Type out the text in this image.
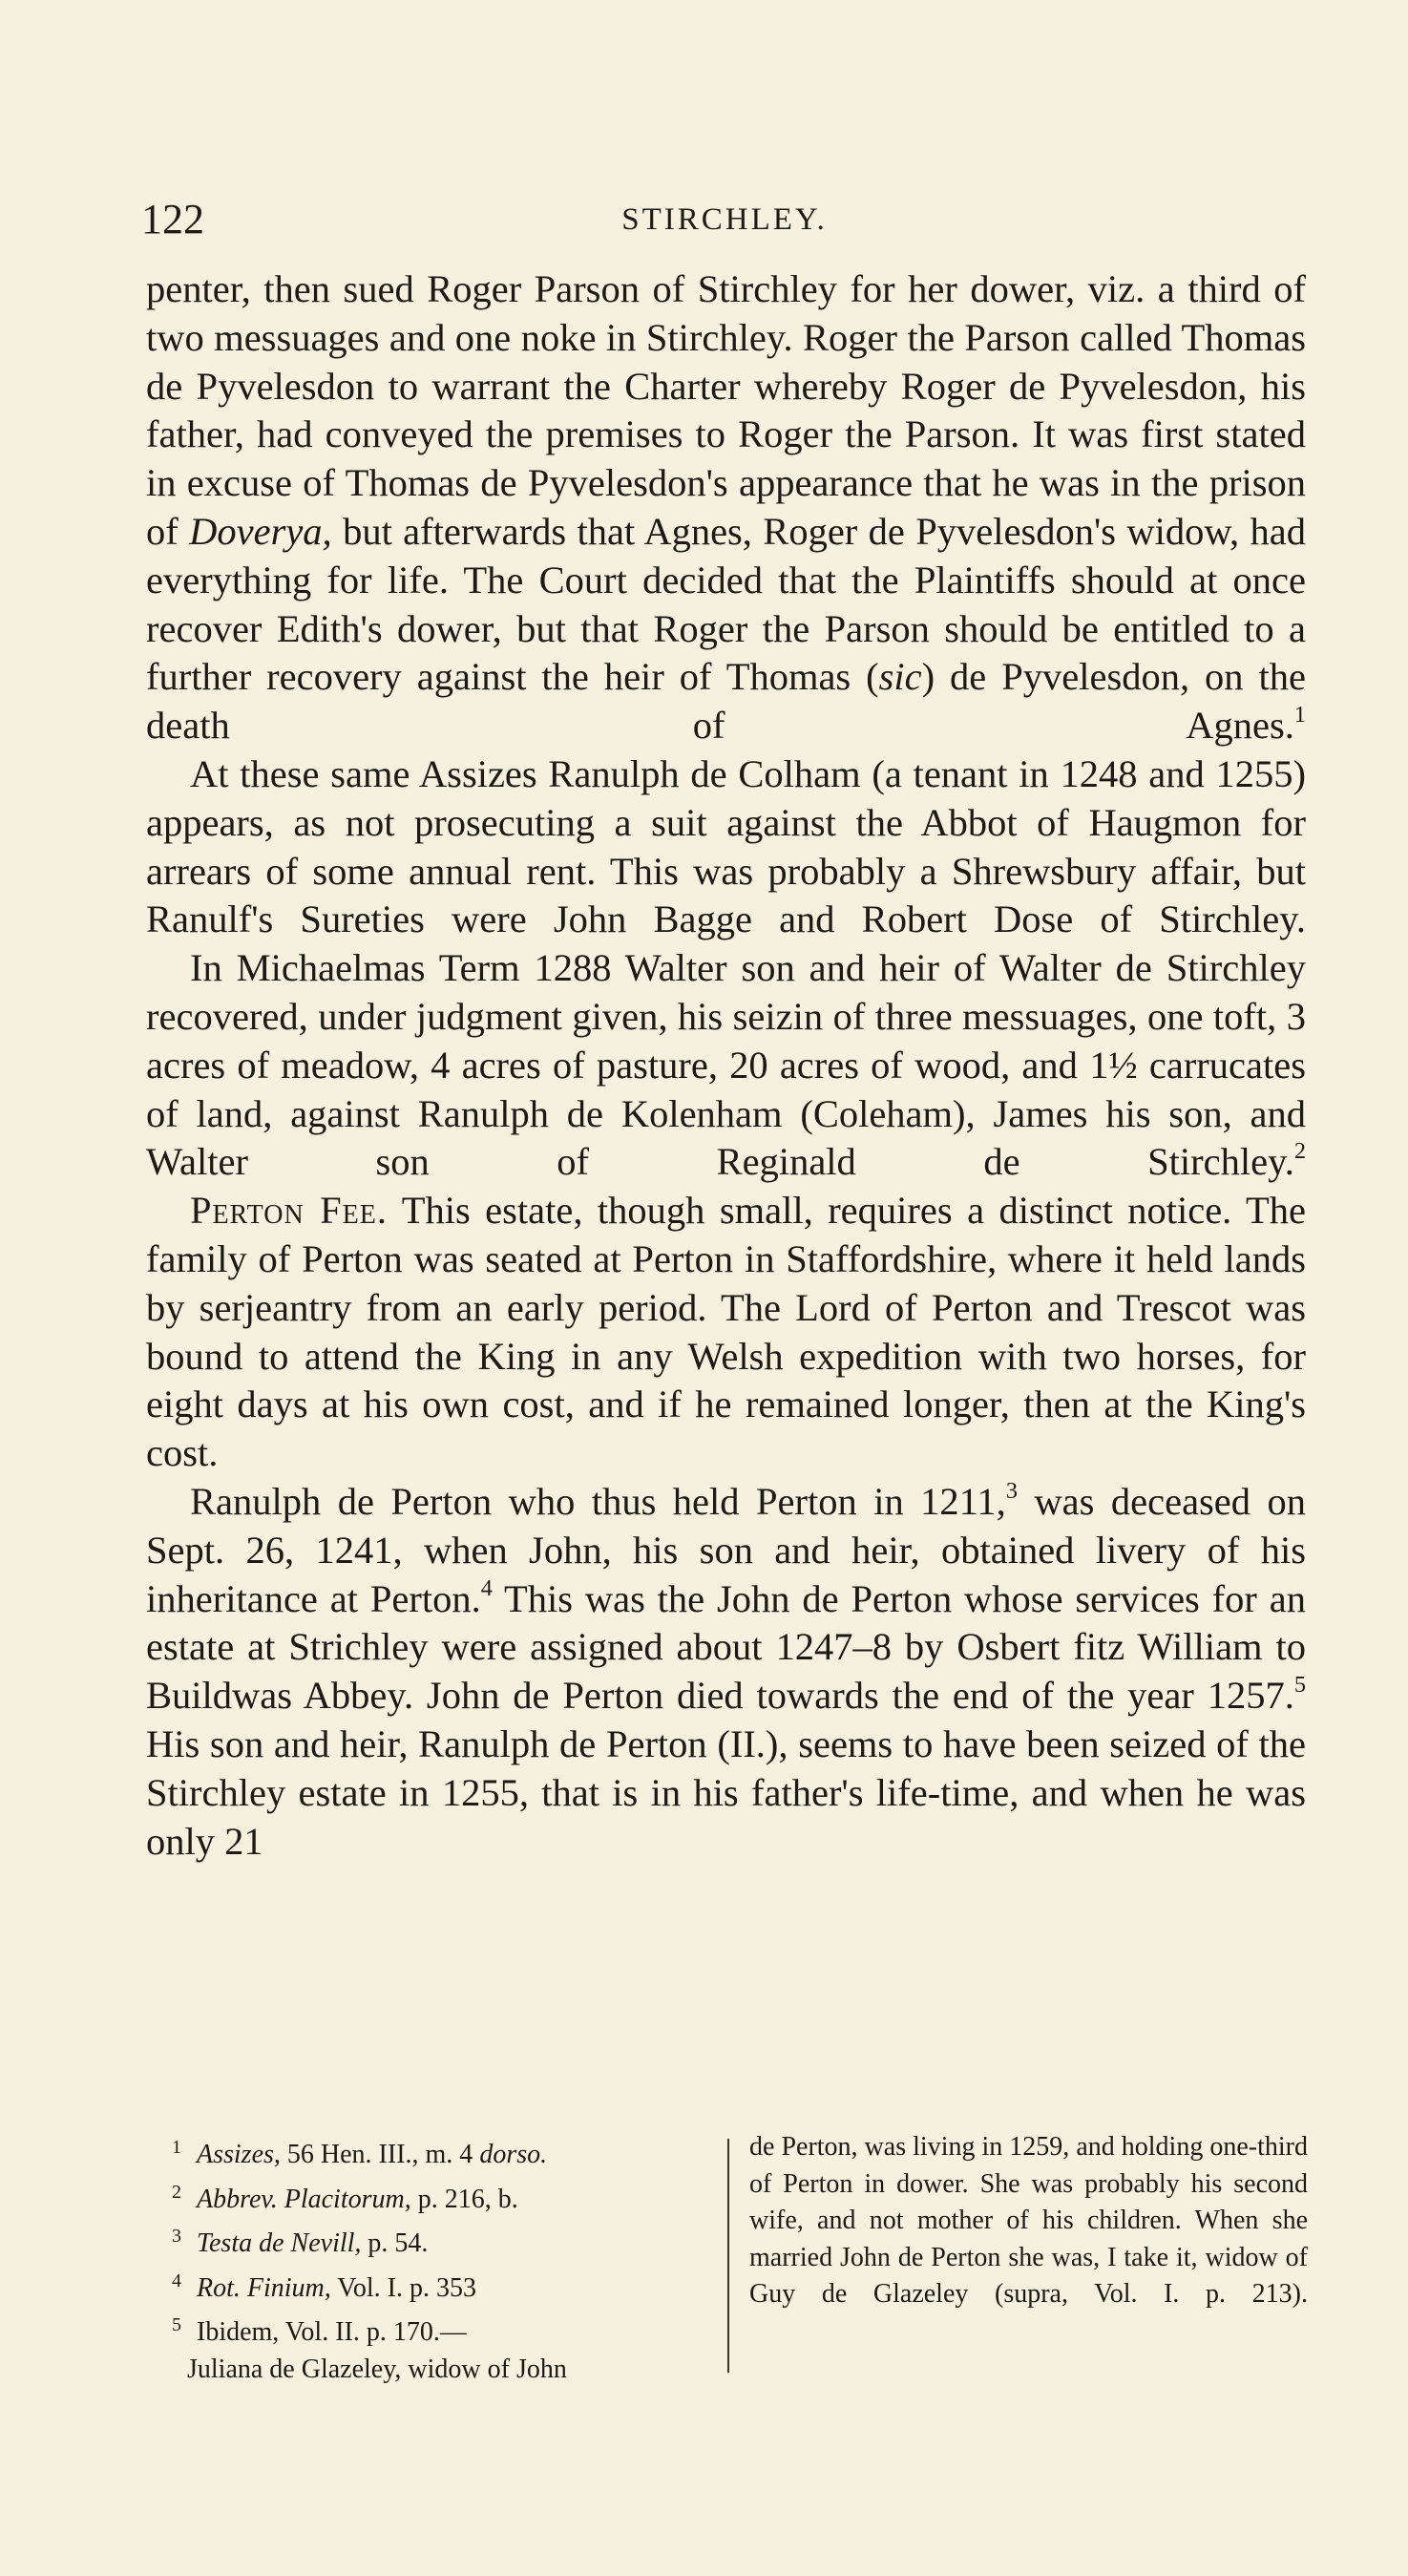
122	STIRCHLEY.

penter, then sued Roger Parson of Stirchley for her dower, viz. a third of two messuages and one noke in Stirchley. Roger the Parson called Thomas de Pyvelesdon to warrant the Charter whereby Roger de Pyvelesdon, his father, had conveyed the premises to Roger the Parson. It was first stated in excuse of Thomas de Pyvelesdon's appearance that he was in the prison of Doverya, but afterwards that Agnes, Roger de Pyvelesdon's widow, had everything for life. The Court decided that the Plaintiffs should at once recover Edith's dower, but that Roger the Parson should be entitled to a further recovery against the heir of Thomas (sic) de Pyvelesdon, on the death of Agnes.$^1$

At these same Assizes Ranulph de Colham (a tenant in 1248 and 1255) appears, as not prosecuting a suit against the Abbot of Haugmon for arrears of some annual rent. This was probably a Shrewsbury affair, but Ranulf's Sureties were John Bagge and Robert Dose of Stirchley.

In Michaelmas Term 1288 Walter son and heir of Walter de Stirchley recovered, under judgment given, his seizin of three messuages, one toft, 3 acres of meadow, 4 acres of pasture, 20 acres of wood, and 1½ carrucates of land, against Ranulph de Kolenham (Coleham), James his son, and Walter son of Reginald de Stirchley.$^2$

Perton Fee. This estate, though small, requires a distinct notice. The family of Perton was seated at Perton in Staffordshire, where it held lands by serjeantry from an early period. The Lord of Perton and Trescot was bound to attend the King in any Welsh expedition with two horses, for eight days at his own cost, and if he remained longer, then at the King's cost.

Ranulph de Perton who thus held Perton in 1211,$^3$ was deceased on Sept. 26, 1241, when John, his son and heir, obtained livery of his inheritance at Perton.$^4$ This was the John de Perton whose services for an estate at Strichley were assigned about 1247–8 by Osbert fitz William to Buildwas Abbey. John de Perton died towards the end of the year 1257.$^5$ His son and heir, Ranulph de Perton (II.), seems to have been seized of the Stirchley estate in 1255, that is in his father's life-time, and when he was only 21

1 Assizes, 56 Hen. III., m. 4 dorso.
2 Abbrev. Placitorum, p. 216, b.
3 Testa de Nevill, p. 54.
4 Rot. Finium, Vol. I. p. 353
5 Ibidem, Vol. II. p. 170.—
Juliana de Glazeley, widow of John
de Perton, was living in 1259, and holding one-third of Perton in dower. She was probably his second wife, and not mother of his children. When she married John de Perton she was, I take it, widow of Guy de Glazeley (supra, Vol. I. p. 213).
